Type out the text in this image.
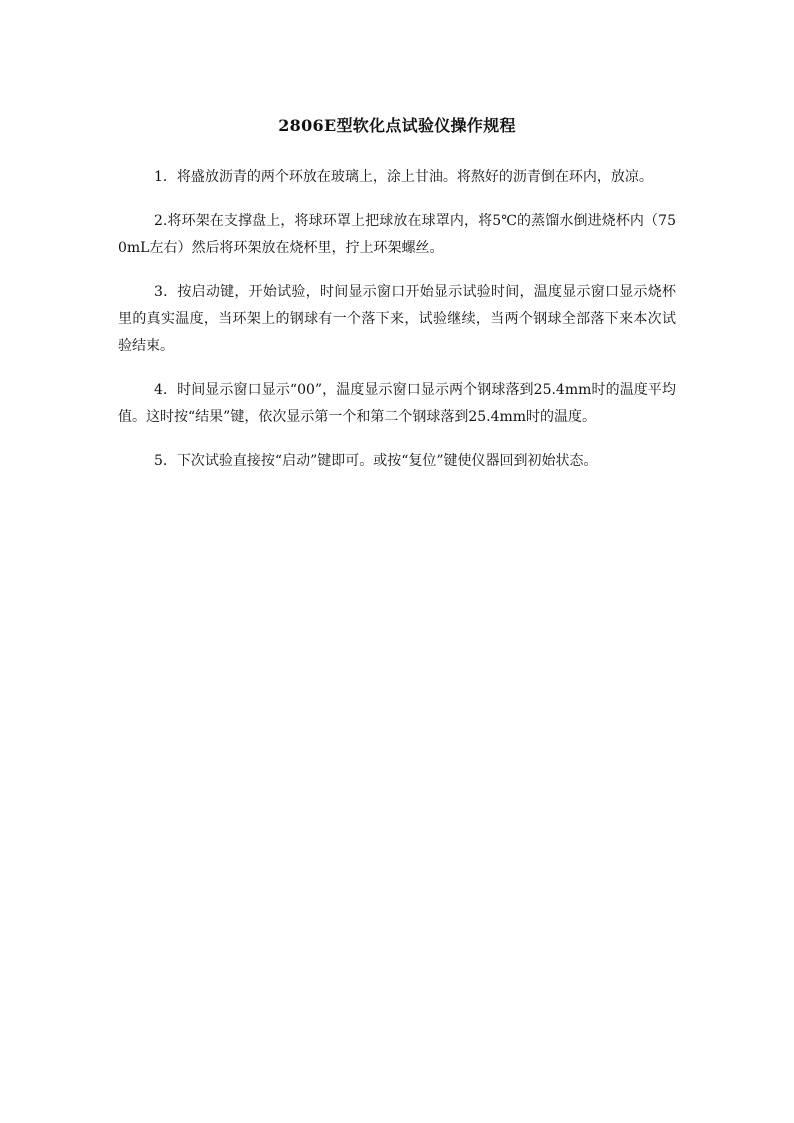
2806E型软化点试验仪操作规程

1．将盛放沥青的两个环放在玻璃上，涂上甘油。将熬好的沥青倒在环内，放凉。

2.将环架在支撑盘上，将球环罩上把球放在球罩内，将5℃的蒸馏水倒进烧杯内（750mL左右）然后将环架放在烧杯里，拧上环架螺丝。

3．按启动键，开始试验，时间显示窗口开始显示试验时间，温度显示窗口显示烧杯里的真实温度，当环架上的钢球有一个落下来，试验继续，当两个钢球全部落下来本次试验结束。

4．时间显示窗口显示“00”，温度显示窗口显示两个钢球落到25.4mm时的温度平均值。这时按“结果”键，依次显示第一个和第二个钢球落到25.4mm时的温度。

5．下次试验直接按“启动”键即可。或按“复位”键使仪器回到初始状态。
